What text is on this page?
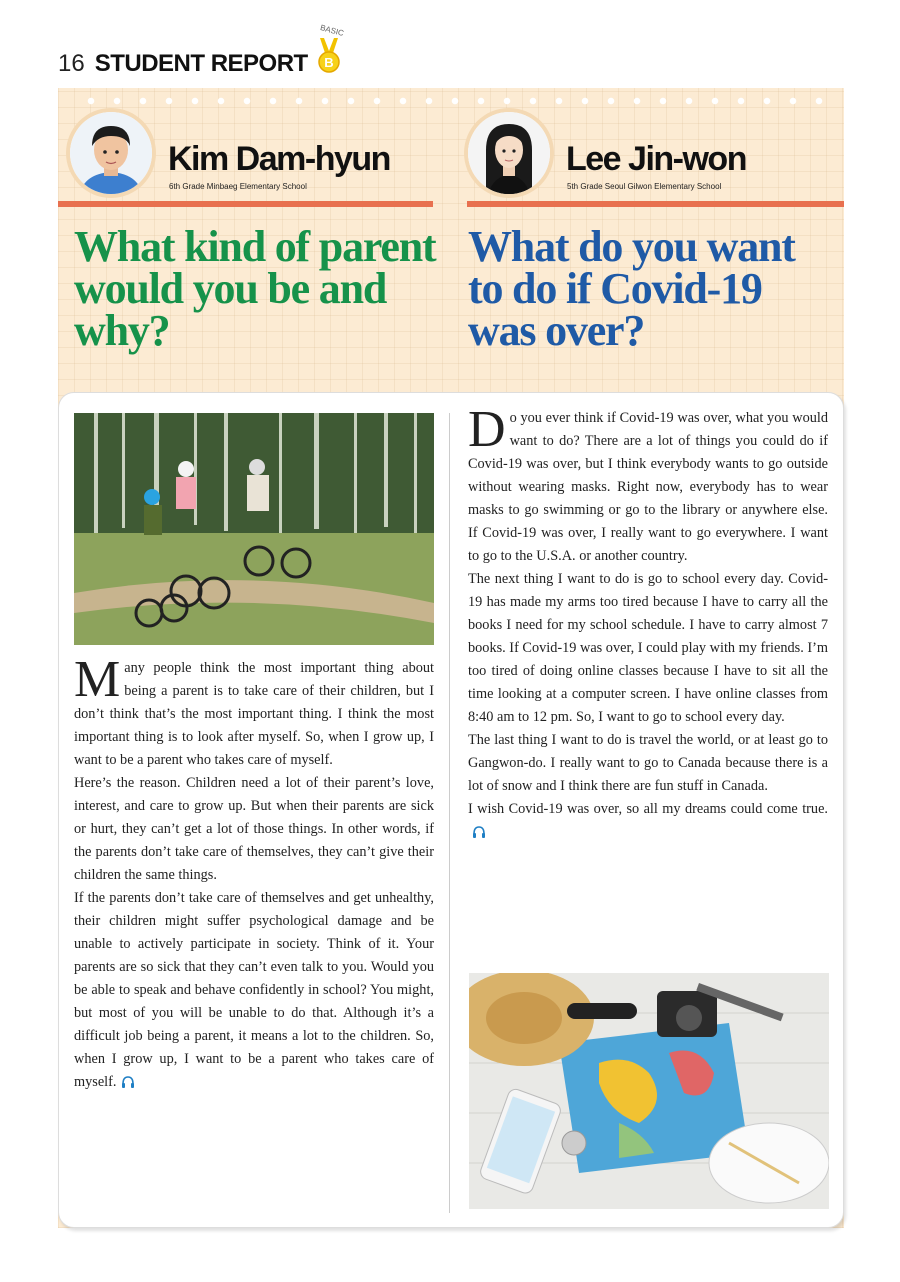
16 STUDENT REPORT
BASIC
B
Kim Dam-hyun
6th Grade Minbaeg Elementary School
Lee Jin-won
5th Grade Seoul Gilwon Elementary School
What kind of parent would you be and why?
What do you want to do if Covid-19 was over?

Many people think the most important thing about being a parent is to take care of their children, but I don’t think that’s the most important thing. I think the most important thing is to look after myself. So, when I grow up, I want to be a parent who takes care of myself.

Here’s the reason. Children need a lot of their parent’s love, interest, and care to grow up. But when their parents are sick or hurt, they can’t get a lot of those things. In other words, if the parents don’t take care of themselves, they can’t give their children the same things.

If the parents don’t take care of themselves and get unhealthy, their children might suffer psychological damage and be unable to actively participate in society. Think of it. Your parents are so sick that they can’t even talk to you. Would you be able to speak and behave confidently in school? You might, but most of you will be unable to do that. Although it’s a difficult job being a parent, it means a lot to the children. So, when I grow up, I want to be a parent who takes care of myself.

Do you ever think if Covid-19 was over, what you would want to do? There are a lot of things you could do if Covid-19 was over, but I think everybody wants to go outside without wearing masks. Right now, everybody has to wear masks to go swimming or go to the library or anywhere else. If Covid-19 was over, I really want to go everywhere. I want to go to the U.S.A. or another country.

The next thing I want to do is go to school every day. Covid-19 has made my arms too tired because I have to carry all the books I need for my school schedule. I have to carry almost 7 books. If Covid-19 was over, I could play with my friends. I’m too tired of doing online classes because I have to sit all the time looking at a computer screen. I have online classes from 8:40 am to 12 pm. So, I want to go to school every day.

The last thing I want to do is travel the world, or at least go to Gangwon-do. I really want to go to Canada because there is a lot of snow and I think there are fun stuff in Canada.

I wish Covid-19 was over, so all my dreams could come true.
